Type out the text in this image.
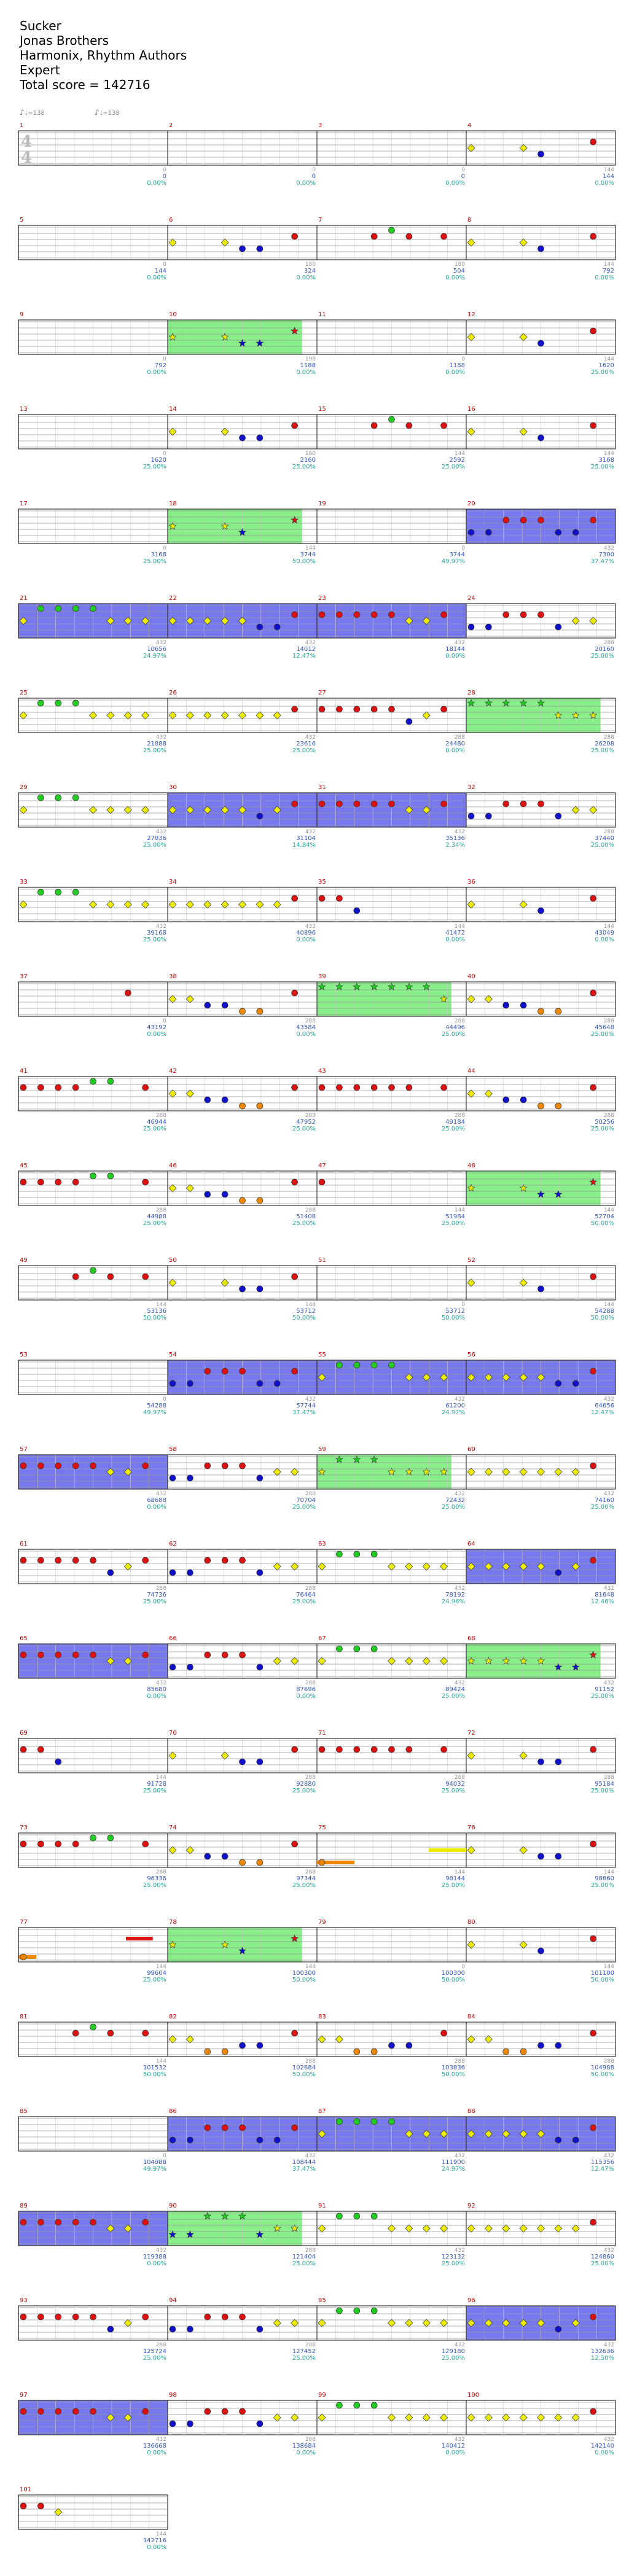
Sucker
Jonas Brothers
Harmonix, Rhythm Authors
Expert
Total score = 142716
♪♩=138	♪♩=138
1
0
0
0.00%
2
0
0
0.00%
3
0
0
0.00%
4
144
144
0.00%
4
4
5
0
144
0.00%
6
180
324
0.00%
7
180
504
0.00%
8
144
792
0.00%
9
0
792
0.00%
10
198
1188
0.00%
11
0
1188
0.00%
12
144
1620
25.00%
13
0
1620
25.00%
14
180
2160
25.00%
15
144
2592
25.00%
16
144
3168
25.00%
17
0
3168
25.00%
18
144
3744
50.00%
19
0
3744
49.97%
20
432
7300
37.47%
21
432
10656
24.97%
22
432
14012
12.47%
23
432
18144
0.00%
24
288
20160
25.00%
25
432
21888
25.00%
26
432
23616
25.00%
27
288
24480
0.00%
28
288
26208
25.00%
29
432
27936
25.00%
30
432
31104
14.84%
31
432
35136
2.34%
32
288
37440
25.00%
33
432
39168
25.00%
34
432
40896
0.00%
35
144
41472
0.00%
36
144
43049
0.00%
37
0
43192
0.00%
38
288
43584
0.00%
39
288
44496
25.00%
40
288
45648
25.00%
41
288
46944
25.00%
42
288
47952
25.00%
43
288
49184
25.00%
44
288
50256
25.00%
45
288
44988
25.00%
46
288
51408
25.00%
47
144
51984
25.00%
48
144
52704
50.00%
49
144
53136
50.00%
50
144
53712
50.00%
51
0
53712
50.00%
52
144
54288
50.00%
53
0
54288
49.97%
54
432
57744
37.47%
55
432
61200
24.97%
56
432
64656
12.47%
57
432
68688
0.00%
58
288
70704
25.00%
59
432
72432
25.00%
60
432
74160
25.00%
61
288
74736
25.00%
62
288
76464
25.00%
63
432
78192
24.96%
64
432
81648
12.46%
65
432
85680
0.00%
66
288
87696
0.00%
67
432
89424
25.00%
68
432
91152
25.00%
69
144
91728
25.00%
70
288
92880
25.00%
71
288
94032
25.00%
72
288
95184
25.00%
73
288
96336
25.00%
74
288
97344
25.00%
75
144
98144
25.00%
76
144
98860
25.00%
77
144
99604
25.00%
78
144
100300
50.00%
79
0
100300
50.00%
80
144
101100
50.00%
81
144
101532
50.00%
82
288
102684
50.00%
83
288
103836
50.00%
84
288
104988
50.00%
85
0
104988
49.97%
86
432
108444
37.47%
87
432
111900
24.97%
88
432
115356
12.47%
89
432
119388
0.00%
90
288
121404
25.00%
91
432
123132
25.00%
92
432
124860
25.00%
93
288
125724
25.00%
94
288
127452
25.00%
95
432
129180
25.00%
96
432
132636
12.50%
97
432
136668
0.00%
98
288
138684
0.00%
99
432
140412
0.00%
100
432
142140
0.00%
101
144
142716
0.00%
